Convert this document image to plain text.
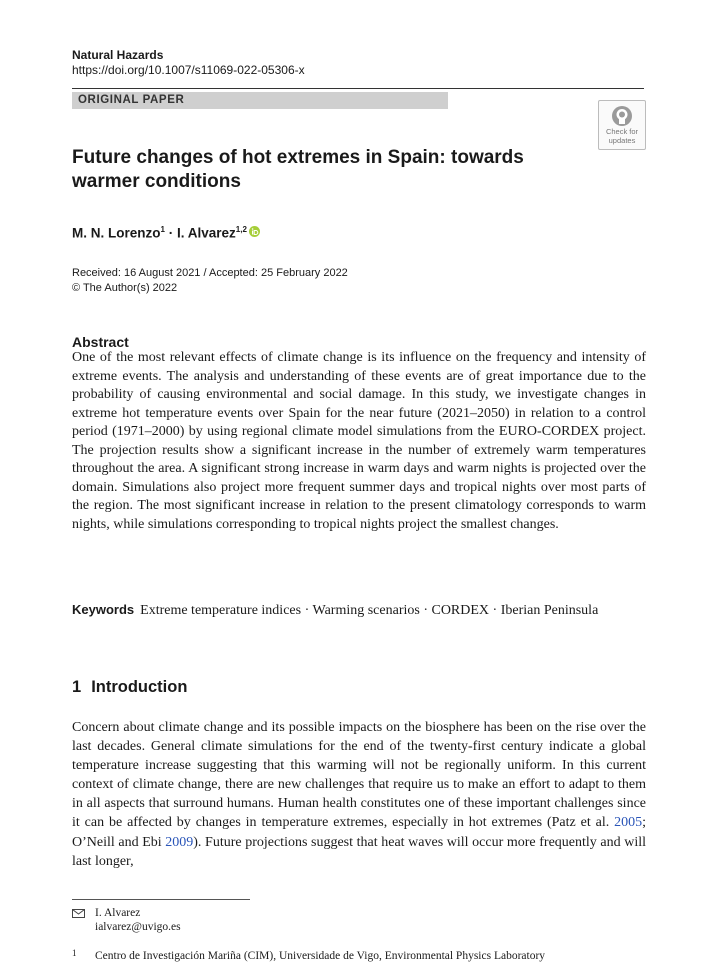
Natural Hazards
https://doi.org/10.1007/s11069-022-05306-x
ORIGINAL PAPER
Check for
updates
Future changes of hot extremes in Spain: towards warmer conditions
M. N. Lorenzo$^1$ · I. Alvarez$^{1,2}$
Received: 16 August 2021 / Accepted: 25 February 2022
© The Author(s) 2022
Abstract
One of the most relevant effects of climate change is its influence on the frequency and intensity of extreme events. The analysis and understanding of these events are of great importance due to the probability of causing environmental and social damage. In this study, we investigate changes in extreme hot temperature events over Spain for the near future (2021–2050) in relation to a control period (1971–2000) by using regional climate model simulations from the EURO-CORDEX project. The projection results show a significant increase in the number of extremely warm temperatures throughout the area. A significant strong increase in warm days and warm nights is projected over the domain. Simulations also project more frequent summer days and tropical nights over most parts of the region. The most significant increase in relation to the present climatology corresponds to warm nights, while simulations corresponding to tropical nights project the smallest changes.
Keywords Extreme temperature indices · Warming scenarios · CORDEX · Iberian Peninsula
1 Introduction
Concern about climate change and its possible impacts on the biosphere has been on the rise over the last decades. General climate simulations for the end of the twenty-first century indicate a global temperature increase suggesting that this warming will not be regionally uniform. In this current context of climate change, there are new challenges that require us to make an effort to adapt to them in all aspects that surround humans. Human health constitutes one of these important challenges since it can be affected by changes in temperature extremes, especially in hot extremes (Patz et al. 2005; O’Neill and Ebi 2009). Future projections suggest that heat waves will occur more frequently and will last longer,
I. Alvarez
ialvarez@uvigo.es
1 Centro de Investigación Mariña (CIM), Universidade de Vigo, Environmental Physics Laboratory
